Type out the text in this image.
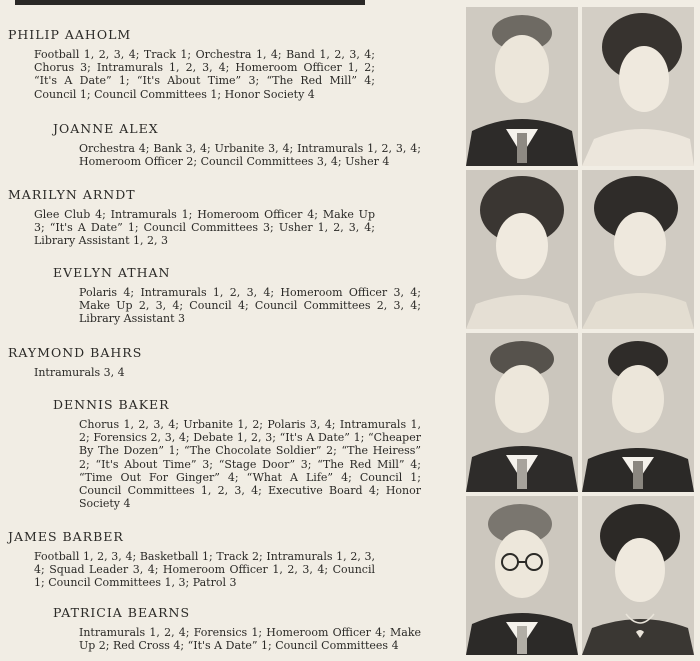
PHILIP AAHOLM

Football 1, 2, 3, 4; Track 1; Orchestra 1, 4; Band 1, 2, 3, 4; Chorus 3; Intramurals 1, 2, 3, 4; Homeroom Officer 1, 2; “It's A Date” 1; “It's About Time” 3; “The Red Mill” 4; Council 1; Council Committees 1; Honor Society 4

JOANNE ALEX

Orchestra 4; Bank 3, 4; Urbanite 3, 4; Intramurals 1, 2, 3, 4; Homeroom Officer 2; Council Committees 3, 4; Usher 4

MARILYN ARNDT

Glee Club 4; Intramurals 1; Homeroom Officer 4; Make Up 3; “It's A Date” 1; Council Committees 3; Usher 1, 2, 3, 4; Library Assistant 1, 2, 3

EVELYN ATHAN

Polaris 4; Intramurals 1, 2, 3, 4; Homeroom Officer 3, 4; Make Up 2, 3, 4; Council 4; Council Committees 2, 3, 4; Library Assistant 3

RAYMOND BAHRS

Intramurals 3, 4

DENNIS BAKER

Chorus 1, 2, 3, 4; Urbanite 1, 2; Polaris 3, 4; Intramurals 1, 2; Forensics 2, 3, 4; Debate 1, 2, 3; “It's A Date” 1; “Cheaper By The Dozen” 1; “The Chocolate Soldier” 2; “The Heiress” 2; “It's About Time” 3; “Stage Door” 3; “The Red Mill” 4; “Time Out For Ginger” 4; “What A Life” 4; Council 1; Council Committees 1, 2, 3, 4; Executive Board 4; Honor Society 4

JAMES BARBER

Football 1, 2, 3, 4; Basketball 1; Track 2; Intramurals 1, 2, 3, 4; Squad Leader 3, 4; Homeroom Officer 1, 2, 3, 4; Council 1; Council Committees 1, 3; Patrol 3

PATRICIA BEARNS

Intramurals 1, 2, 4; Forensics 1; Homeroom Officer 4; Make Up 2; Red Cross 4; “It's A Date” 1; Council Committees 4
